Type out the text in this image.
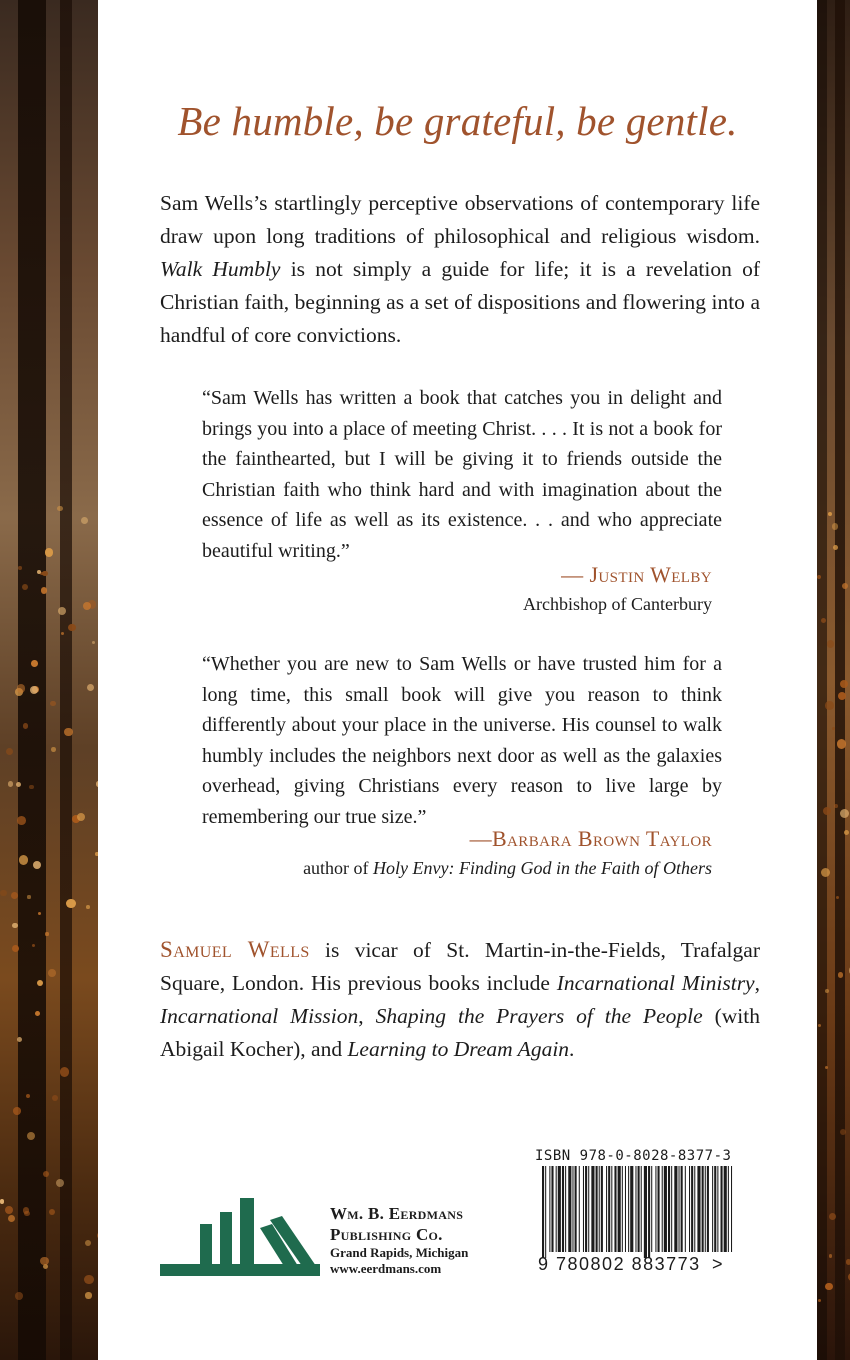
Be humble, be grateful, be gentle.
Sam Wells’s startlingly perceptive observations of contemporary life draw upon long traditions of philosophical and religious wisdom. Walk Humbly is not simply a guide for life; it is a revelation of Christian faith, beginning as a set of dispositions and flowering into a handful of core convictions.
“Sam Wells has written a book that catches you in delight and brings you into a place of meeting Christ. . . . It is not a book for the fainthearted, but I will be giving it to friends outside the Christian faith who think hard and with imagination about the essence of life as well as its existence. . . and who appreciate beautiful writing.”
— Justin Welby
Archbishop of Canterbury
“Whether you are new to Sam Wells or have trusted him for a long time, this small book will give you reason to think differently about your place in the universe. His counsel to walk humbly includes the neighbors next door as well as the galaxies overhead, giving Christians every reason to live large by remembering our true size.”
—Barbara Brown Taylor
author of Holy Envy: Finding God in the Faith of Others
Samuel Wells is vicar of St. Martin-in-the-Fields, Trafalgar Square, London. His previous books include Incarnational Ministry, Incarnational Mission, Shaping the Prayers of the People (with Abigail Kocher), and Learning to Dream Again.
Wm. B. Eerdmans
Publishing Co.
Grand Rapids, Michigan
www.eerdmans.com
ISBN 978-0-8028-8377-3
9 780802 883773 >
